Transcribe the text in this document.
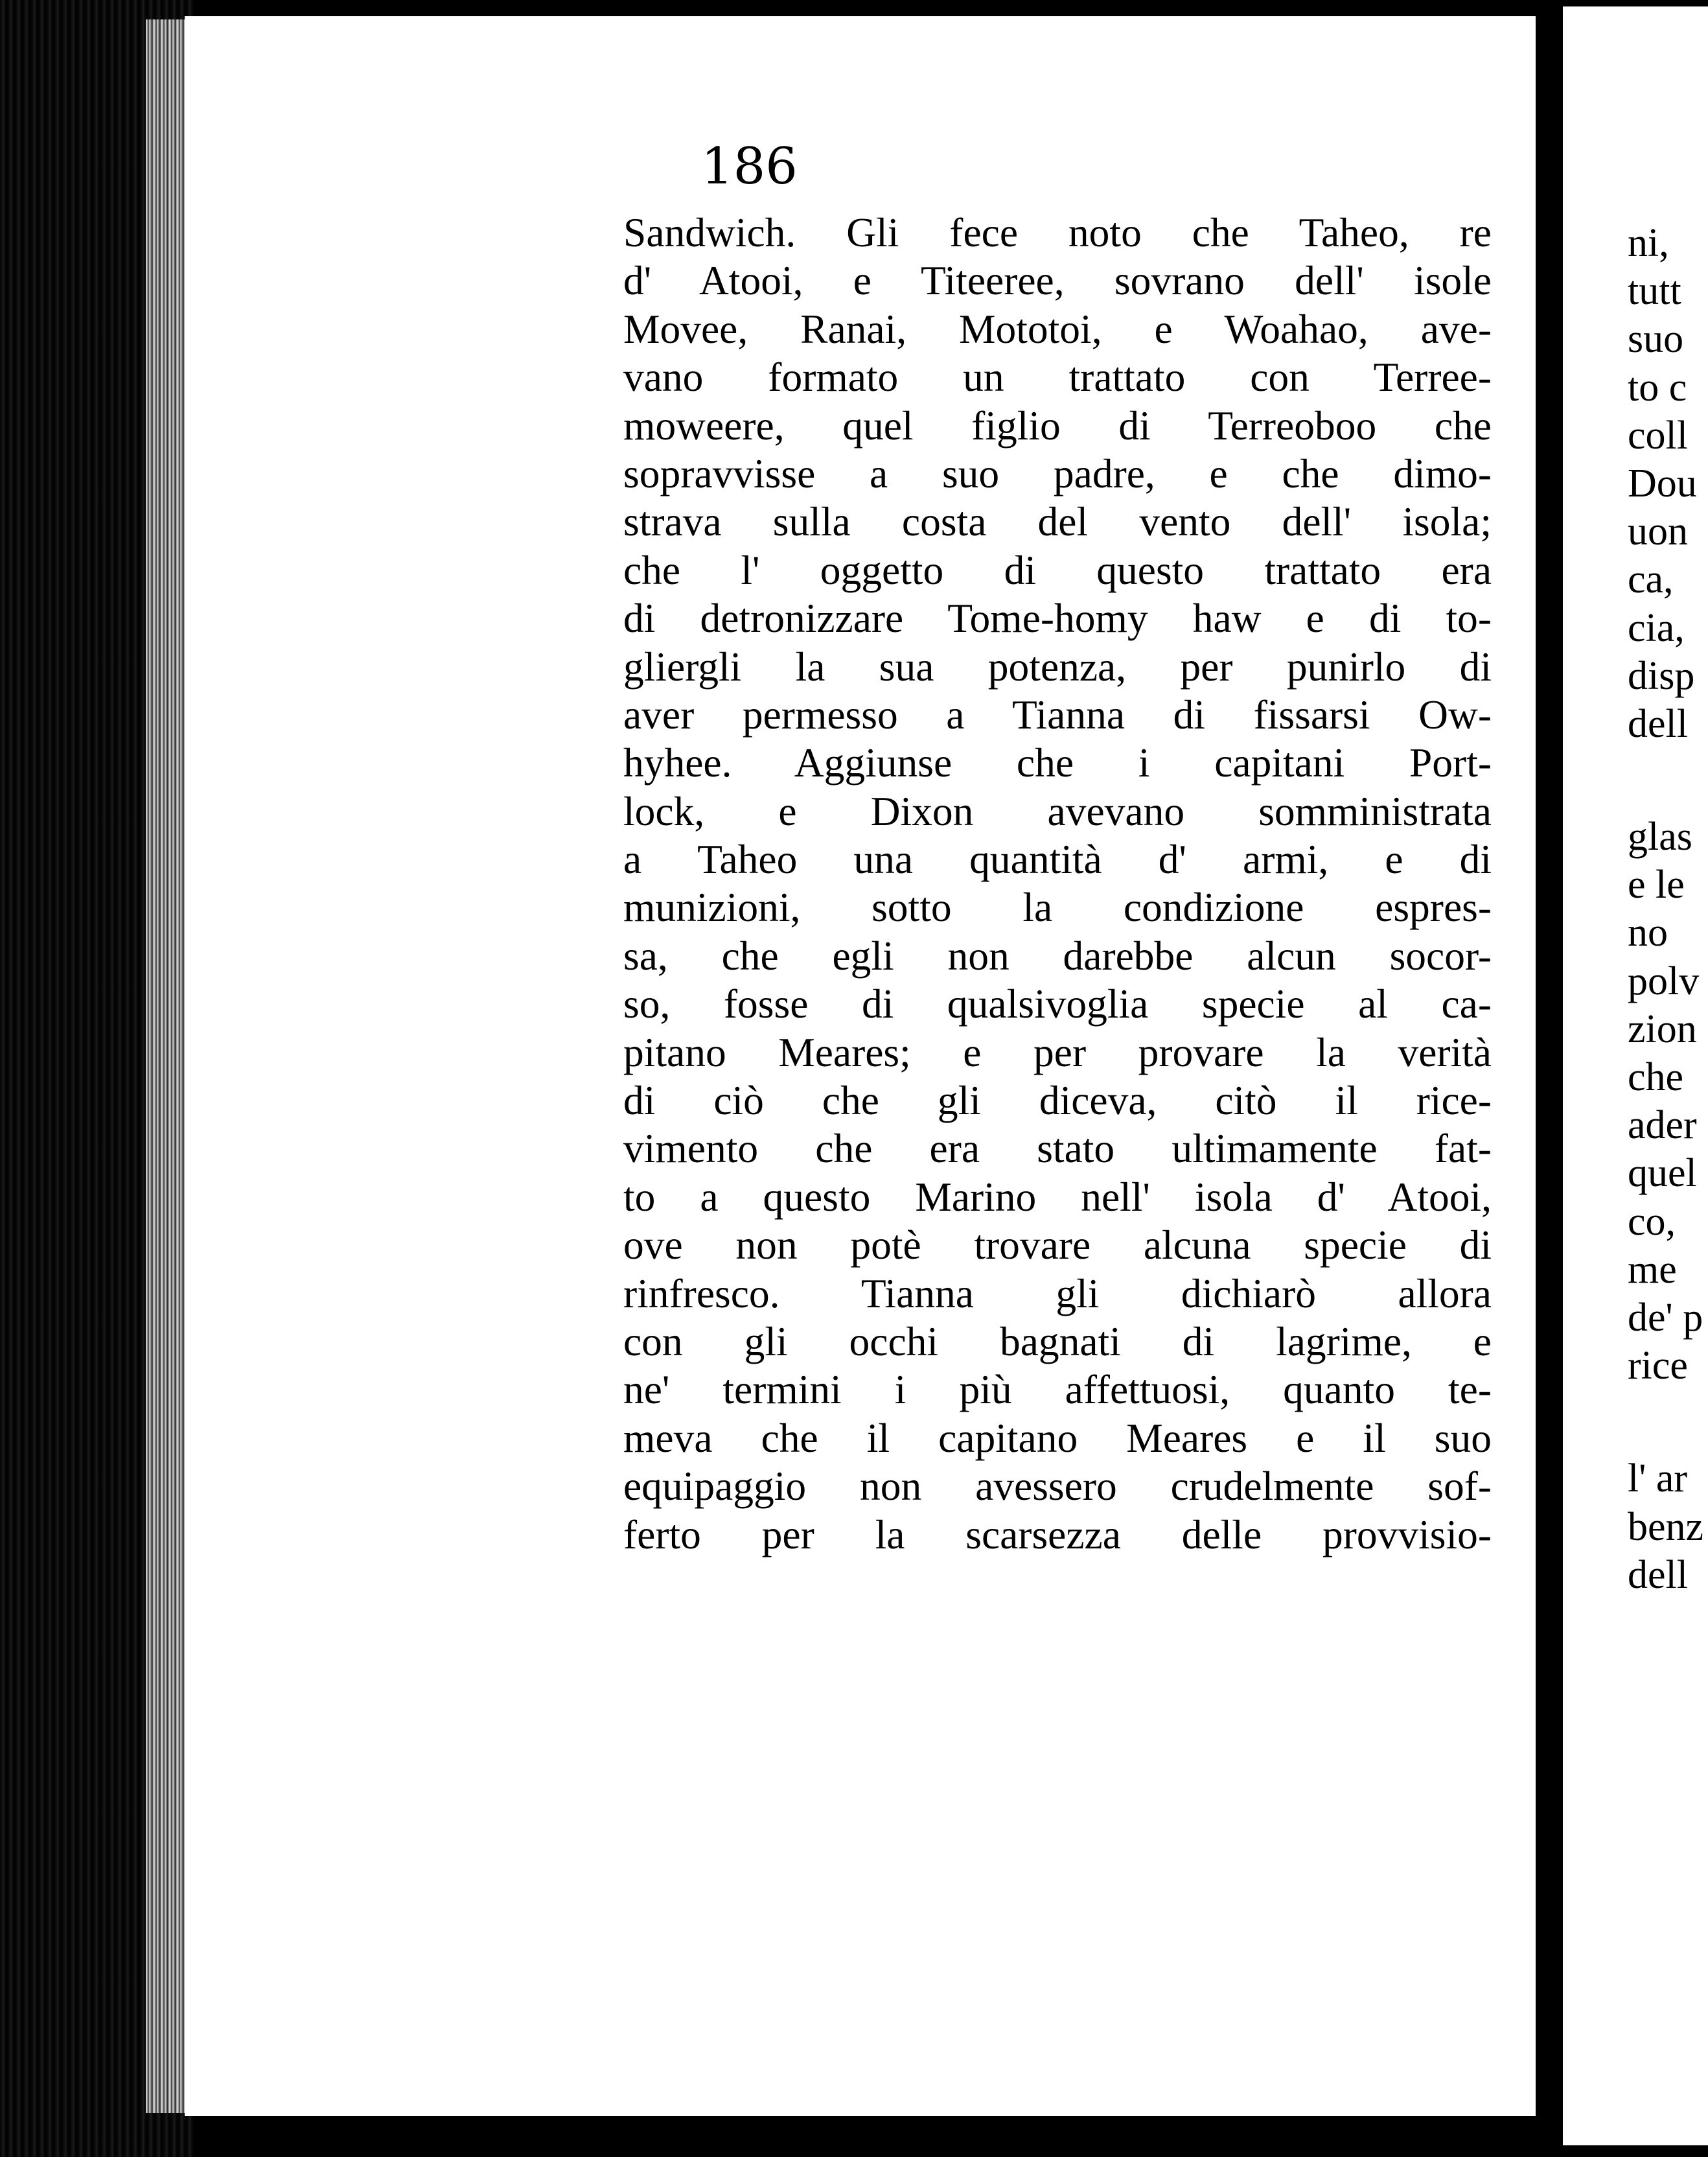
186
Sandwich. Gli fece noto che Taheo, re
d' Atooi, e Titeeree, sovrano dell' isole
Movee, Ranai, Mototoi, e Woahao, ave-
vano formato un trattato con Terree-
moweere, quel figlio di Terreoboo che
sopravvisse a suo padre, e che dimo-
strava sulla costa del vento dell' isola;
che l' oggetto di questo trattato era
di detronizzare Tome-homy haw e di to-
gliergli la sua potenza, per punirlo di
aver permesso a Tianna di fissarsi Ow-
hyhee. Aggiunse che i capitani Port-
lock, e Dixon avevano somministrata
a Taheo una quantità d' armi, e di
munizioni, sotto la condizione espres-
sa, che egli non darebbe alcun socor-
so, fosse di qualsivoglia specie al ca-
pitano Meares; e per provare la verità
di ciò che gli diceva, citò il rice-
vimento che era stato ultimamente fat-
to a questo Marino nell' isola d' Atooi,
ove non potè trovare alcuna specie di
rinfresco. Tianna gli dichiarò allora
con gli occhi bagnati di lagrime, e
ne' termini i più affettuosi, quanto te-
meva che il capitano Meares e il suo
equipaggio non avessero crudelmente sof-
ferto per la scarsezza delle provvisio-
ni,
tutt
suo
to c
coll
Dou
uon
ca,
cia,
disp
dell
glas
e le
no
polv
zion
che
ader
quel
co,
me
de' p
rice
l' ar
benz
dell
